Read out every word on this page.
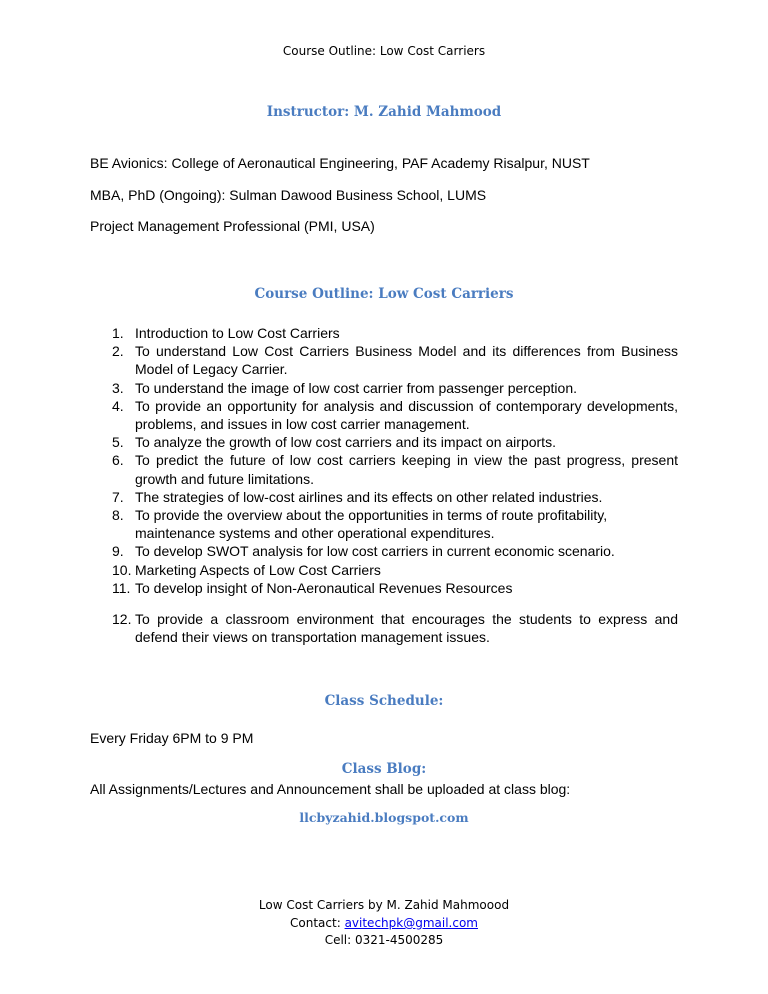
Course Outline: Low Cost Carriers
Instructor: M. Zahid Mahmood
BE Avionics: College of Aeronautical Engineering, PAF Academy Risalpur, NUST
MBA, PhD (Ongoing): Sulman Dawood Business School, LUMS
Project Management Professional (PMI, USA)
Course Outline: Low Cost Carriers
1. Introduction to Low Cost Carriers
2. To understand Low Cost Carriers Business Model and its differences from Business Model of Legacy Carrier.
3. To understand the image of low cost carrier from passenger perception.
4. To provide an opportunity for analysis and discussion of contemporary developments, problems, and issues in low cost carrier management.
5. To analyze the growth of low cost carriers and its impact on airports.
6. To predict the future of low cost carriers keeping in view the past progress, present growth and future limitations.
7. The strategies of low-cost airlines and its effects on other related industries.
8. To provide the overview about the opportunities in terms of route profitability, maintenance systems and other operational expenditures.
9. To develop SWOT analysis for low cost carriers in current economic scenario.
10. Marketing Aspects of Low Cost Carriers
11. To develop insight of Non-Aeronautical Revenues Resources
12. To provide a classroom environment that encourages the students to express and defend their views on transportation management issues.
Class Schedule:
Every Friday 6PM to 9 PM
Class Blog:
All Assignments/Lectures and Announcement shall be uploaded at class blog:
llcbyzahid.blogspot.com
Low Cost Carriers by M. Zahid Mahmoood
Contact: avitechpk@gmail.com
Cell: 0321-4500285
